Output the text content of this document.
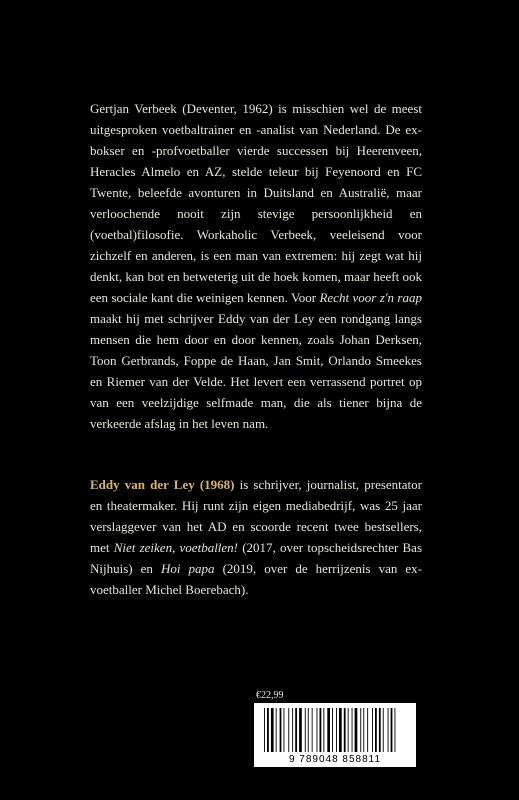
Gertjan Verbeek (Deventer, 1962) is misschien wel de meest uitgesproken voetbaltrainer en -analist van Nederland. De ex-bokser en -profvoetballer vierde successen bij Heerenveen, Heracles Almelo en AZ, stelde teleur bij Feyenoord en FC Twente, beleefde avonturen in Duitsland en Australië, maar verloochende nooit zijn stevige persoonlijkheid en (voetbal)filosofie. Workaholic Verbeek, veeleisend voor zichzelf en anderen, is een man van extremen: hij zegt wat hij denkt, kan bot en betweterig uit de hoek komen, maar heeft ook een sociale kant die weinigen kennen. Voor Recht voor z'n raap maakt hij met schrijver Eddy van der Ley een rondgang langs mensen die hem door en door kennen, zoals Johan Derksen, Toon Gerbrands, Foppe de Haan, Jan Smit, Orlando Smeekes en Riemer van der Velde. Het levert een verrassend portret op van een veelzijdige selfmade man, die als tiener bijna de verkeerde afslag in het leven nam.

Eddy van der Ley (1968) is schrijver, journalist, presentator en theatermaker. Hij runt zijn eigen mediabedrijf, was 25 jaar verslaggever van het AD en scoorde recent twee bestsellers, met Niet zeiken, voetballen! (2017, over topscheidsrechter Bas Nijhuis) en Hoi papa (2019, over de herrijzenis van ex-voetballer Michel Boerebach).

€22,99
9 789048 858811
